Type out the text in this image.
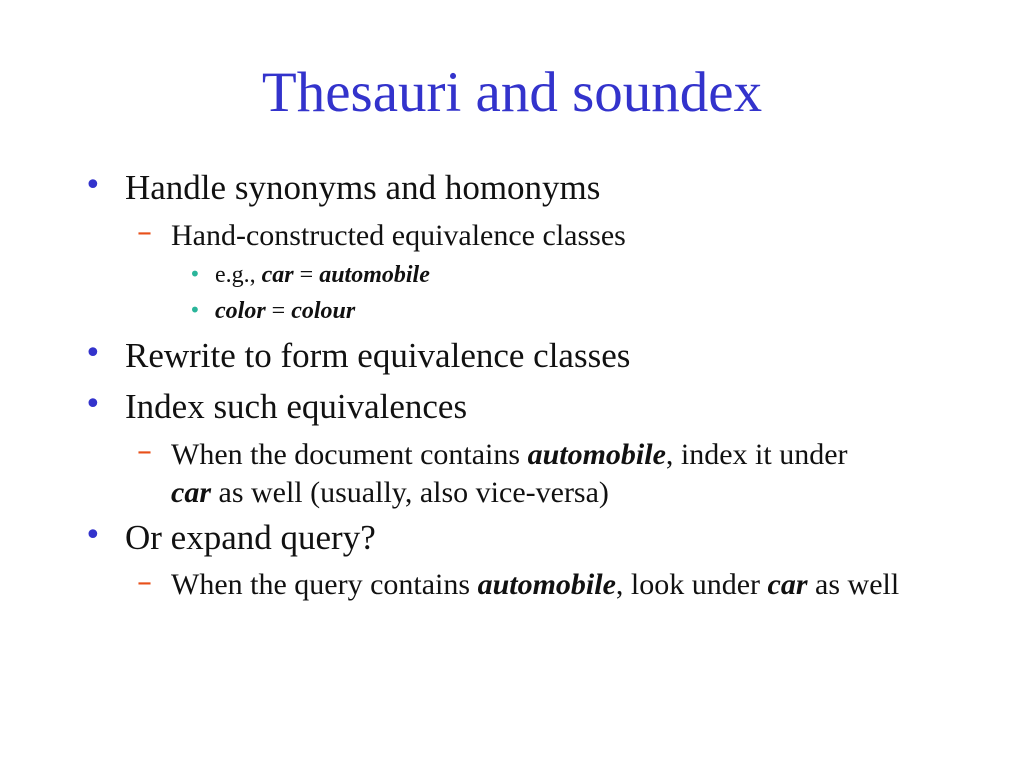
Thesauri and soundex
• Handle synonyms and homonyms
– Hand-constructed equivalence classes
• e.g., car = automobile
• color = colour
• Rewrite to form equivalence classes
• Index such equivalences
– When the document contains automobile, index it under car as well (usually, also vice-versa)
• Or expand query?
– When the query contains automobile, look under car as well
